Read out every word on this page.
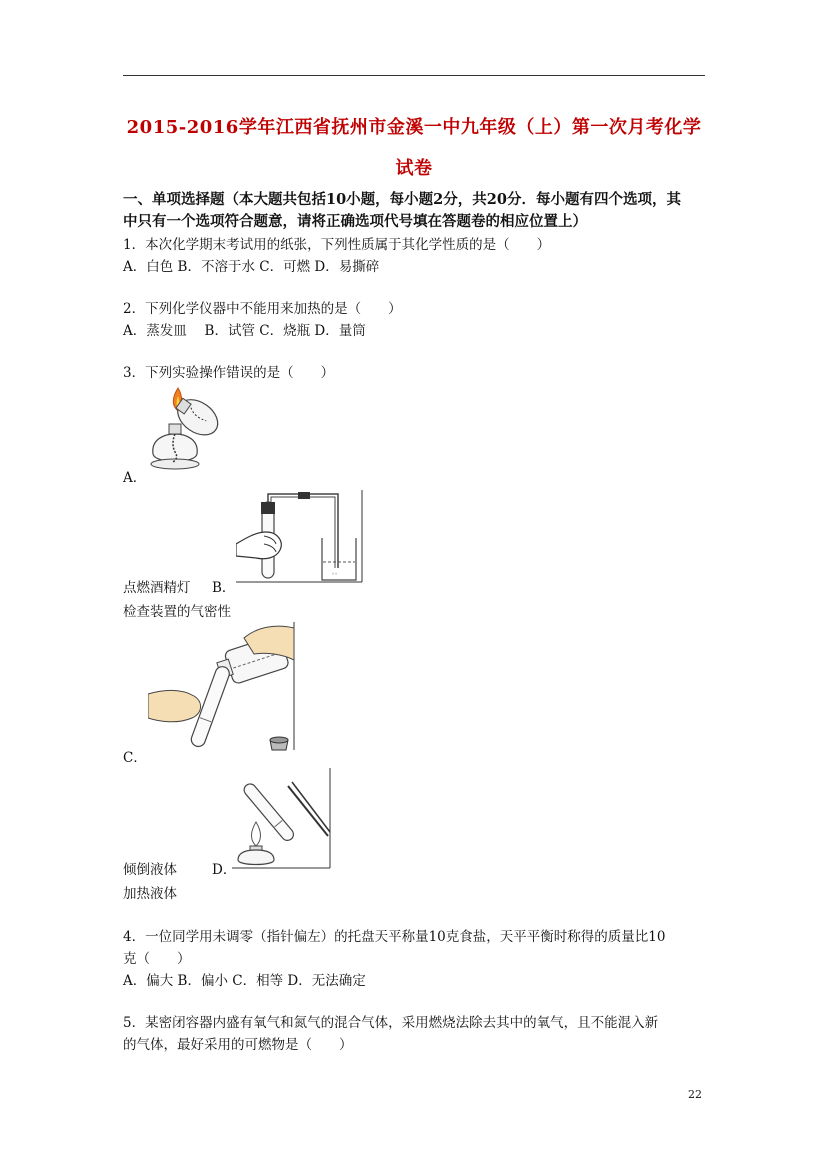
2015-2016学年江西省抚州市金溪一中九年级（上）第一次月考化学
试卷
一、单项选择题（本大题共包括10小题，每小题2分，共20分．每小题有四个选项，其
中只有一个选项符合题意，请将正确选项代号填在答题卷的相应位置上）
1．本次化学期末考试用的纸张，下列性质属于其化学性质的是（　　）
A．白色 B．不溶于水 C．可燃 D．易撕碎
2．下列化学仪器中不能用来加热的是（　　）
A．蒸发皿　 B．试管 C．烧瓶 D．量筒
3．下列实验操作错误的是（　　）
A．
。。
点燃酒精灯 B．
检查装置的气密性
C．
倾倒液体	D．
加热液体
4．一位同学用未调零（指针偏左）的托盘天平称量10克食盐，天平平衡时称得的质量比10
克（　　）
A．偏大 B．偏小 C．相等 D．无法确定
5．某密闭容器内盛有氧气和氮气的混合气体，采用燃烧法除去其中的氧气，且不能混入新
的气体，最好采用的可燃物是（　　）
22
